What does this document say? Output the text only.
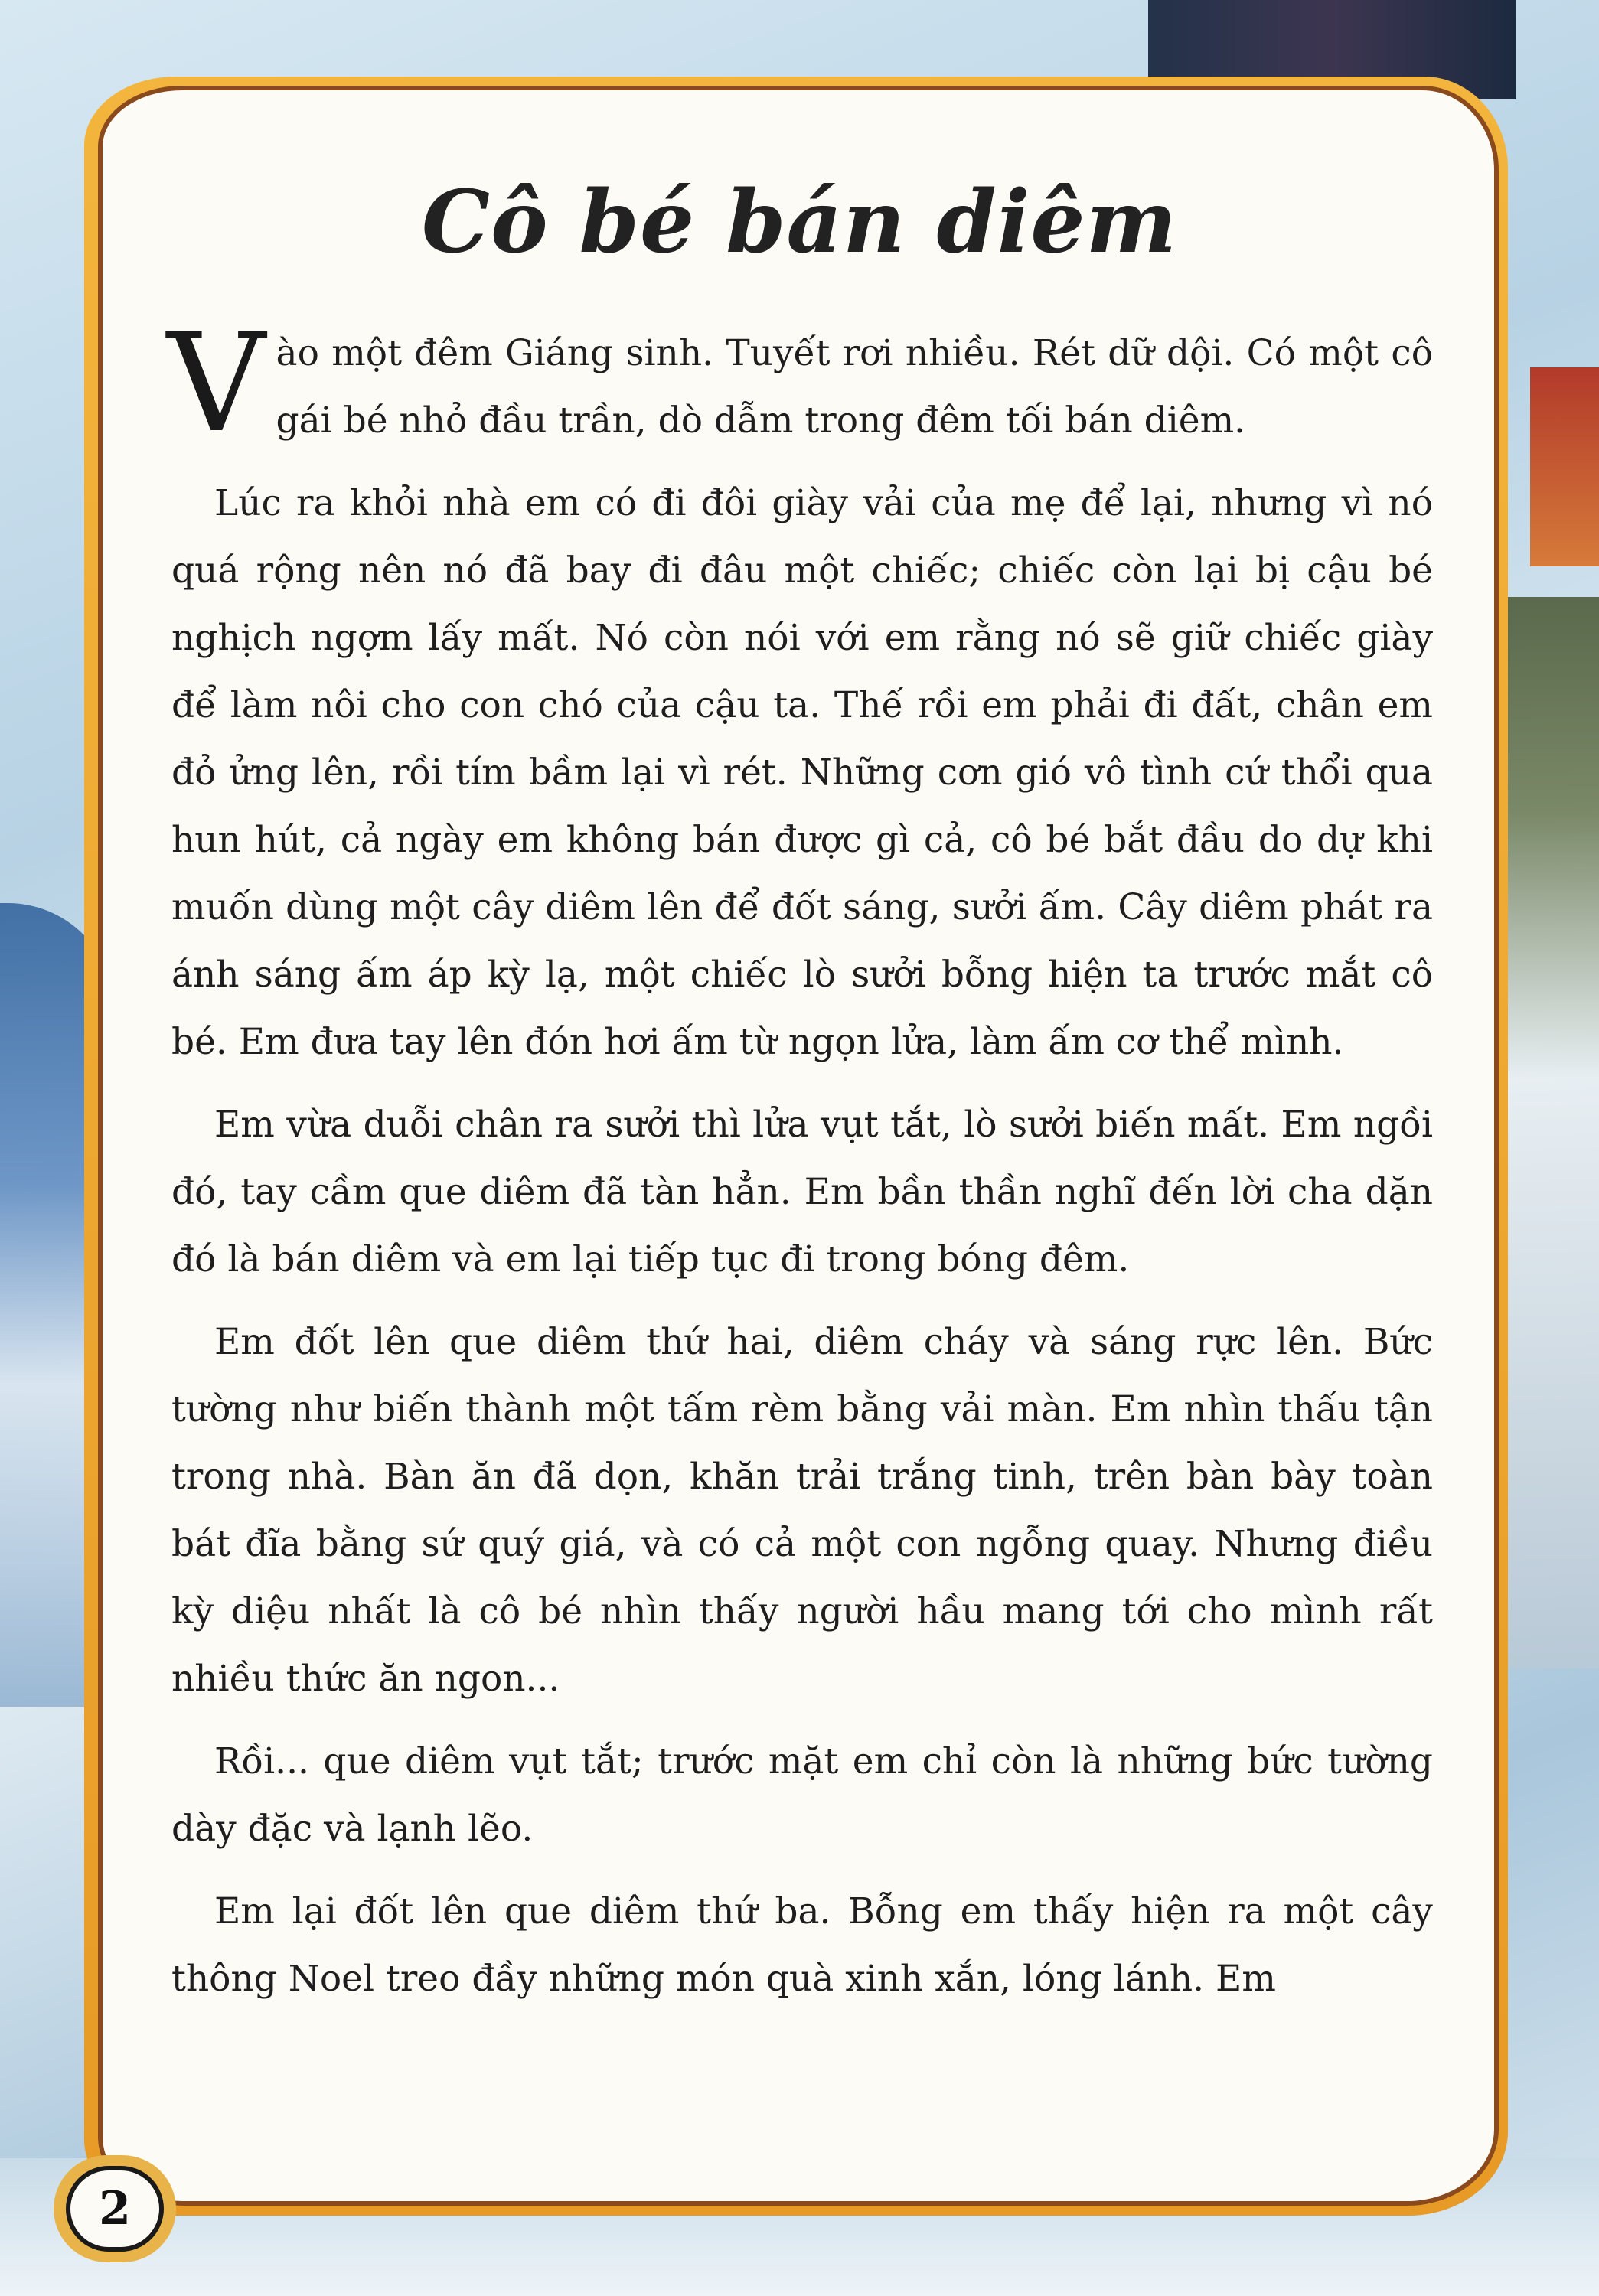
Cô bé bán diêm

Vào một đêm Giáng sinh. Tuyết rơi nhiều. Rét dữ dội. Có một cô gái bé nhỏ đầu trần, dò dẫm trong đêm tối bán diêm.

Lúc ra khỏi nhà em có đi đôi giày vải của mẹ để lại, nhưng vì nó quá rộng nên nó đã bay đi đâu một chiếc; chiếc còn lại bị cậu bé nghịch ngợm lấy mất. Nó còn nói với em rằng nó sẽ giữ chiếc giày để làm nôi cho con chó của cậu ta. Thế rồi em phải đi đất, chân em đỏ ửng lên, rồi tím bầm lại vì rét. Những cơn gió vô tình cứ thổi qua hun hút, cả ngày em không bán được gì cả, cô bé bắt đầu do dự khi muốn dùng một cây diêm lên để đốt sáng, sưởi ấm. Cây diêm phát ra ánh sáng ấm áp kỳ lạ, một chiếc lò sưởi bỗng hiện ta trước mắt cô bé. Em đưa tay lên đón hơi ấm từ ngọn lửa, làm ấm cơ thể mình.

Em vừa duỗi chân ra sưởi thì lửa vụt tắt, lò sưởi biến mất. Em ngồi đó, tay cầm que diêm đã tàn hẳn. Em bần thần nghĩ đến lời cha dặn đó là bán diêm và em lại tiếp tục đi trong bóng đêm.

Em đốt lên que diêm thứ hai, diêm cháy và sáng rực lên. Bức tường như biến thành một tấm rèm bằng vải màn. Em nhìn thấu tận trong nhà. Bàn ăn đã dọn, khăn trải trắng tinh, trên bàn bày toàn bát đĩa bằng sứ quý giá, và có cả một con ngỗng quay. Nhưng điều kỳ diệu nhất là cô bé nhìn thấy người hầu mang tới cho mình rất nhiều thức ăn ngon...

Rồi... que diêm vụt tắt; trước mặt em chỉ còn là những bức tường dày đặc và lạnh lẽo.

Em lại đốt lên que diêm thứ ba. Bỗng em thấy hiện ra một cây thông Noel treo đầy những món quà xinh xắn, lóng lánh. Em

2
